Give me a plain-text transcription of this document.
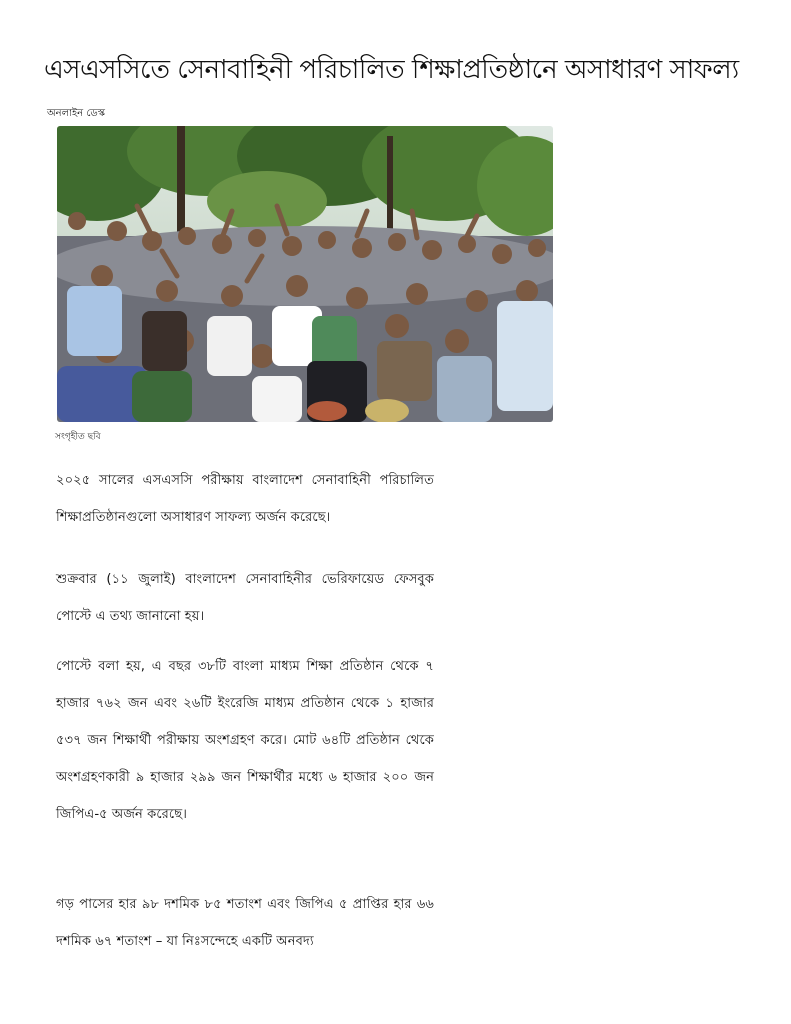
এসএসসিতে সেনাবাহিনী পরিচালিত শিক্ষাপ্রতিষ্ঠানে অসাধারণ সাফল্য
অনলাইন ডেস্ক
সংগৃহীত ছবি

২০২৫ সালের এসএসসি পরীক্ষায় বাংলাদেশ সেনাবাহিনী পরিচালিত শিক্ষাপ্রতিষ্ঠানগুলো অসাধারণ সাফল্য অর্জন করেছে।

শুক্রবার (১১ জুলাই) বাংলাদেশ সেনাবাহিনীর ভেরিফায়েড ফেসবুক পোস্টে এ তথ্য জানানো হয়।

পোস্টে বলা হয়, এ বছর ৩৮টি বাংলা মাধ্যম শিক্ষা প্রতিষ্ঠান থেকে ৭ হাজার ৭৬২ জন এবং ২৬টি ইংরেজি মাধ্যম প্রতিষ্ঠান থেকে ১ হাজার ৫৩৭ জন শিক্ষার্থী পরীক্ষায় অংশগ্রহণ করে। মোট ৬৪টি প্রতিষ্ঠান থেকে অংশগ্রহণকারী ৯ হাজার ২৯৯ জন শিক্ষার্থীর মধ্যে ৬ হাজার ২০০ জন জিপিএ-৫ অর্জন করেছে।

গড় পাসের হার ৯৮ দশমিক ৮৫ শতাংশ এবং জিপিএ ৫ প্রাপ্তির হার ৬৬ দশমিক ৬৭ শতাংশ – যা নিঃসন্দেহে একটি অনবদ্য
